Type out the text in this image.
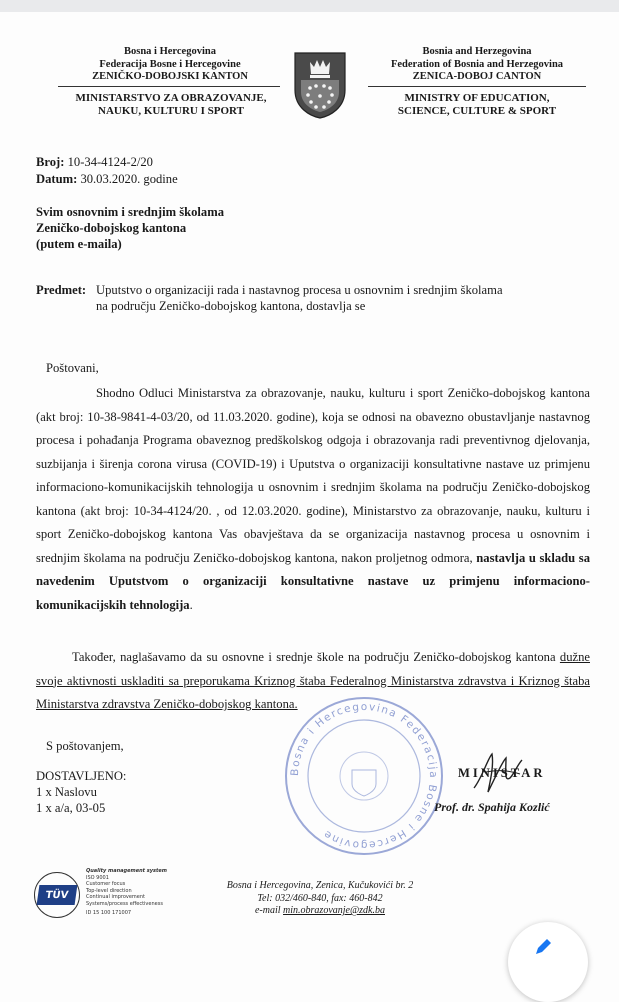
Bosna i Hercegovina
Federacija Bosne i Hercegovine
ZENIČKO-DOBOJSKI KANTON
MINISTARSTVO ZA OBRAZOVANJE,
NAUKU, KULTURU I SPORT
Bosnia and Herzegovina
Federation of Bosnia and Herzegovina
ZENICA-DOBOJ CANTON
MINISTRY OF EDUCATION,
SCIENCE, CULTURE & SPORT
Broj: 10-34-4124-2/20
Datum: 30.03.2020. godine
Svim osnovnim i srednjim školama
Zeničko-dobojskog kantona
(putem e-maila)
Predmet: Uputstvo o organizaciji rada i nastavnog procesa u osnovnim i srednjim školama
na području Zeničko-dobojskog kantona, dostavlja se
Poštovani,
Shodno Odluci Ministarstva za obrazovanje, nauku, kulturu i sport Zeničko-dobojskog kantona (akt broj: 10-38-9841-4-03/20, od 11.03.2020. godine), koja se odnosi na obavezno obustavljanje nastavnog procesa i pohađanja Programa obaveznog predškolskog odgoja i obrazovanja radi preventivnog djelovanja, suzbijanja i širenja corona virusa (COVID-19) i Uputstva o organizaciji konsultativne nastave uz primjenu informaciono-komunikacijskih tehnologija u osnovnim i srednjim školama na području Zeničko-dobojskog kantona (akt broj: 10-34-4124/20. , od 12.03.2020. godine), Ministarstvo za obrazovanje, nauku, kulturu i sport Zeničko-dobojskog kantona Vas obavještava da se organizacija nastavnog procesa u osnovnim i srednjim školama na području Zeničko-dobojskog kantona, nakon proljetnog odmora, nastavlja u skladu sa navedenim Uputstvom o organizaciji konsultativne nastave uz primjenu informaciono-komunikacijskih tehnologija.
Također, naglašavamo da su osnovne i srednje škole na području Zeničko-dobojskog kantona dužne svoje aktivnosti uskladiti sa preporukama Kriznog štaba Federalnog Ministarstva zdravstva i Kriznog štaba Ministarstva zdravstva Zeničko-dobojskog kantona.
S poštovanjem,
DOSTAVLJENO:
1 x Naslovu
1 x a/a, 03-05
Bosna i Hercegovina Federacija Bosne i Hercegovine
MINISTAR
Prof. dr. Spahija Kozlić
TÜV
Quality management system
ISO 9001
Customer focus
Top-level direction
Continual improvement
Systems/process effectiveness
ID 15 100 171007
Bosna i Hercegovina, Zenica, Kučukovići br. 2
Tel: 032/460-840, fax: 460-842
e-mail min.obrazovanje@zdk.ba
